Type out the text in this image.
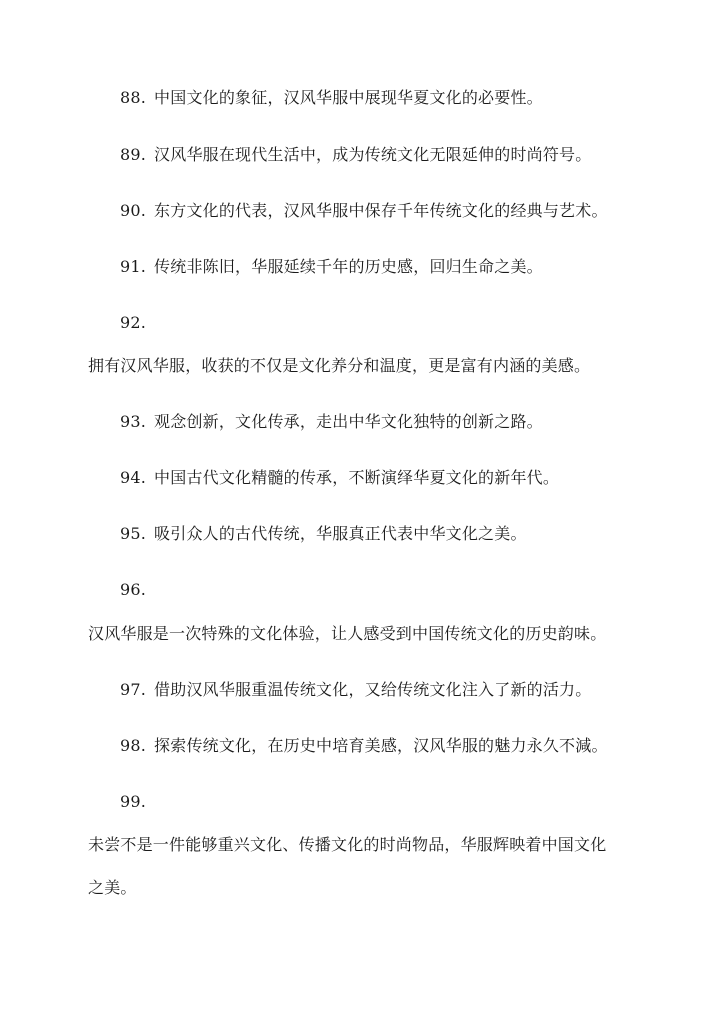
88. 中国文化的象征，汉风华服中展现华夏文化的必要性。
89. 汉风华服在现代生活中，成为传统文化无限延伸的时尚符号。
90. 东方文化的代表，汉风华服中保存千年传统文化的经典与艺术。
91. 传统非陈旧，华服延续千年的历史感，回归生命之美。
92.
拥有汉风华服，收获的不仅是文化养分和温度，更是富有内涵的美感。
93. 观念创新，文化传承，走出中华文化独特的创新之路。
94. 中国古代文化精髓的传承，不断演绎华夏文化的新年代。
95. 吸引众人的古代传统，华服真正代表中华文化之美。
96.
汉风华服是一次特殊的文化体验，让人感受到中国传统文化的历史韵味。
97. 借助汉风华服重温传统文化，又给传统文化注入了新的活力。
98. 探索传统文化，在历史中培育美感，汉风华服的魅力永久不減。
99.
未尝不是一件能够重兴文化、传播文化的时尚物品，华服辉映着中国文化
之美。
